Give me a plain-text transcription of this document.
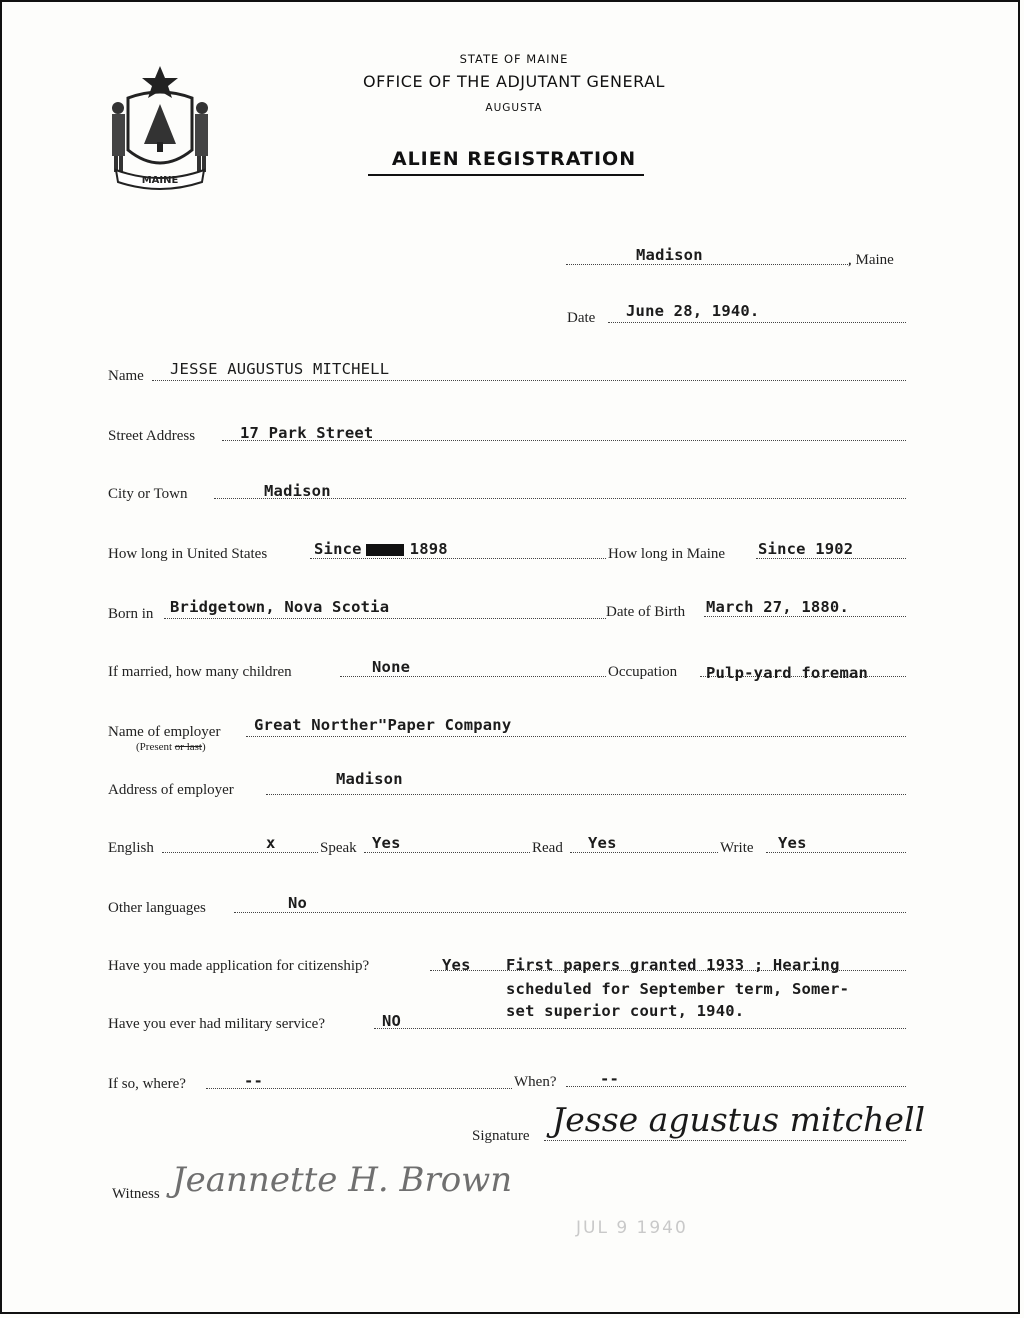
MAINE
STATE OF MAINE
OFFICE OF THE ADJUTANT GENERAL
AUGUSTA
ALIEN REGISTRATION
Madison	, Maine
Date June 28, 1940.
Name JESSE AUGUSTUS MITCHELL
Street Address	17 Park Street
City or Town	Madison
How long in United States	Since	1898	How long in Maine Since 1902
Born in Bridgetown, Nova Scotia	Date of Birth March 27, 1880.
If married, how many children	None	Occupation Pulp-yard foreman
Name of employer
(Present or last)
Great Norther"Paper Company
Address of employer
Madison
English	x	Speak Yes	Read Yes	Write Yes
Other languages	No
Have you made application for citizenship?	Yes First papers granted 1933 ; Hearing
scheduled for September term, Somer-
set superior court, 1940.
Have you ever had military service?	NO
If so, where?	--	When?	--
Signature Jesse agustus mitchell
Witness Jeannette H. Brown
JUL 9 1940
